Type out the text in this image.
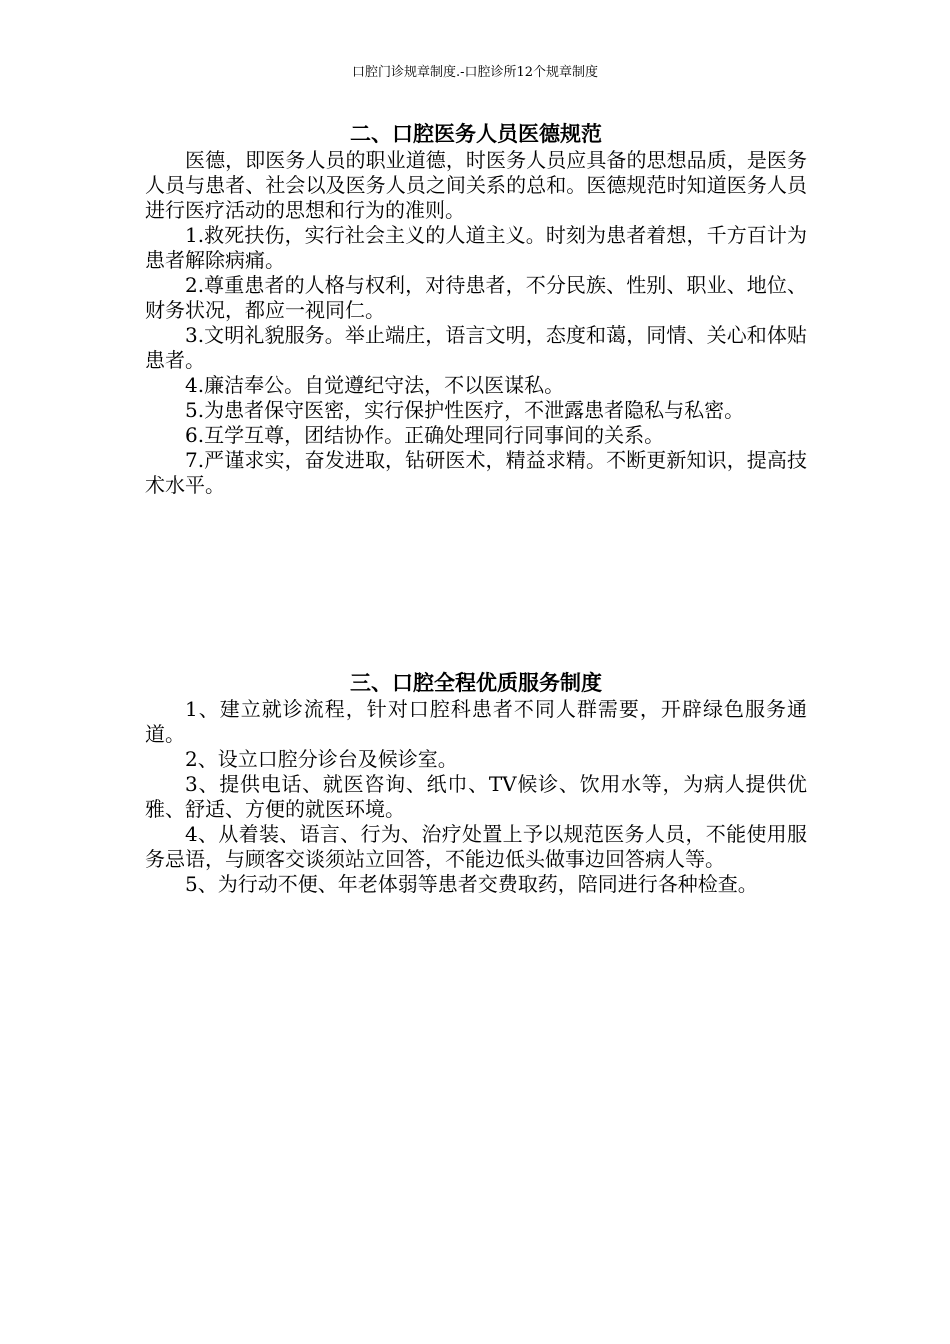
口腔门诊规章制度.-口腔诊所12个规章制度
二、口腔医务人员医德规范

医德，即医务人员的职业道德，时医务人员应具备的思想品质，是医务人员与患者、社会以及医务人员之间关系的总和。医德规范时知道医务人员进行医疗活动的思想和行为的准则。

1.救死扶伤，实行社会主义的人道主义。时刻为患者着想，千方百计为患者解除病痛。

2.尊重患者的人格与权利，对待患者，不分民族、性别、职业、地位、财务状况，都应一视同仁。

3.文明礼貌服务。举止端庄，语言文明，态度和蔼，同情、关心和体贴患者。

4.廉洁奉公。自觉遵纪守法，不以医谋私。

5.为患者保守医密，实行保护性医疗，不泄露患者隐私与私密。

6.互学互尊，团结协作。正确处理同行同事间的关系。

7.严谨求实，奋发进取，钻研医术，精益求精。不断更新知识，提高技术水平。

三、口腔全程优质服务制度

1、建立就诊流程，针对口腔科患者不同人群需要，开辟绿色服务通道。

2、设立口腔分诊台及候诊室。

3、提供电话、就医咨询、纸巾、TV候诊、饮用水等，为病人提供优雅、舒适、方便的就医环境。

4、从着装、语言、行为、治疗处置上予以规范医务人员，不能使用服务忌语，与顾客交谈须站立回答，不能边低头做事边回答病人等。

5、为行动不便、年老体弱等患者交费取药，陪同进行各种检查。
